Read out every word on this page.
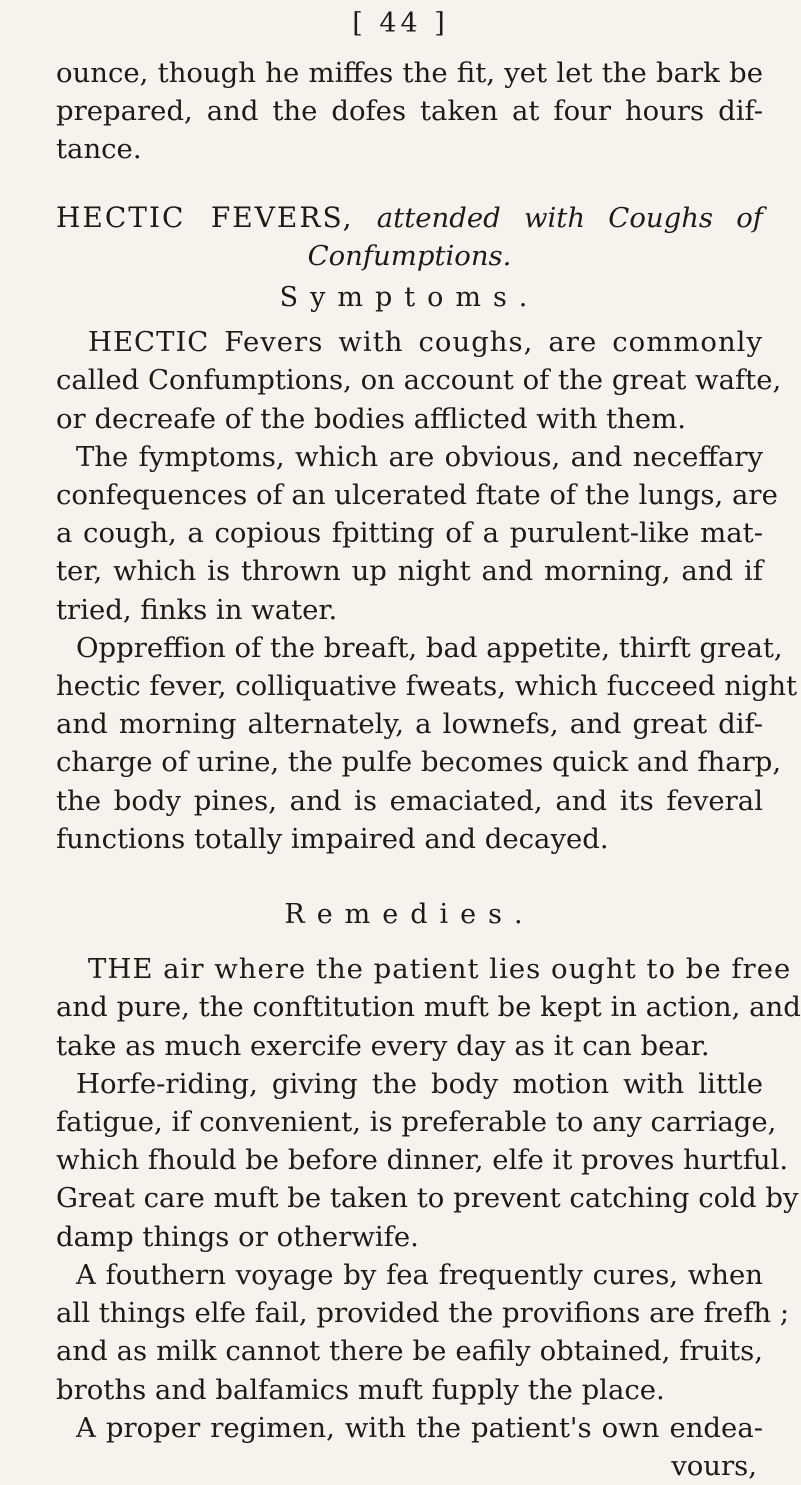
[ 44 ]
ounce, though he miffes the fit, yet let the bark be
prepared, and the dofes taken at four hours dif-
tance.
HECTIC FEVERS, attended with Coughs of
Confumptions.
Symptoms.
HECTIC Fevers with coughs, are commonly
called Confumptions, on account of the great wafte,
or decreafe of the bodies afflicted with them.
The fymptoms, which are obvious, and neceffary
confequences of an ulcerated ftate of the lungs, are
a cough, a copious fpitting of a purulent-like mat-
ter, which is thrown up night and morning, and if
tried, finks in water.
Oppreffion of the breaft, bad appetite, thirft great,
hectic fever, colliquative fweats, which fucceed night
and morning alternately, a lownefs, and great dif-
charge of urine, the pulfe becomes quick and fharp,
the body pines, and is emaciated, and its feveral
functions totally impaired and decayed.
Remedies.
THE air where the patient lies ought to be free
and pure, the conftitution muft be kept in action, and
take as much exercife every day as it can bear.
Horfe-riding, giving the body motion with little
fatigue, if convenient, is preferable to any carriage,
which fhould be before dinner, elfe it proves hurtful.
Great care muft be taken to prevent catching cold by
damp things or otherwife.
A fouthern voyage by fea frequently cures, when
all things elfe fail, provided the provifions are frefh ;
and as milk cannot there be eafily obtained, fruits,
broths and balfamics muft fupply the place.
A proper regimen, with the patient's own endea-
vours,
